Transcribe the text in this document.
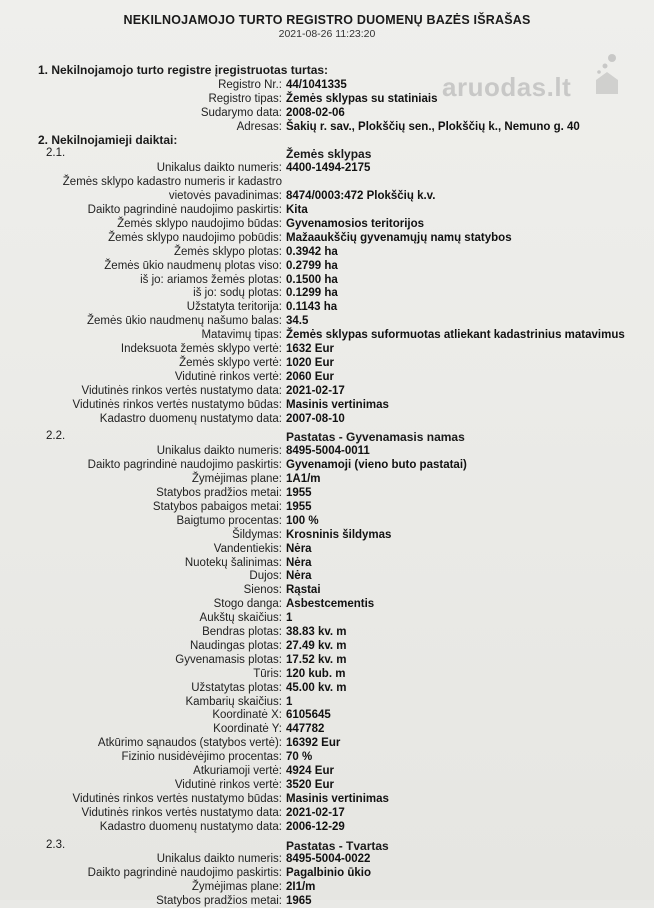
NEKILNOJAMOJO TURTO REGISTRO DUOMENŲ BAZĖS IŠRAŠAS
2021-08-26 11:23:20
aruodas.lt
1. Nekilnojamojo turto registre įregistruotas turtas:
Registro Nr.: 44/1041335
Registro tipas: Žemės sklypas su statiniais
Sudarymo data: 2008-02-06
Adresas: Šakių r. sav., Plokščių sen., Plokščių k., Nemuno g. 40
2. Nekilnojamieji daiktai:
2.1.	Žemės sklypas
Unikalus daikto numeris: 4400-1494-2175
Žemės sklypo kadastro numeris ir kadastro
vietovės pavadinimas: 8474/0003:472 Plokščių k.v.
Daikto pagrindinė naudojimo paskirtis: Kita
Žemės sklypo naudojimo būdas: Gyvenamosios teritorijos
Žemės sklypo naudojimo pobūdis: Mažaaukščių gyvenamųjų namų statybos
Žemės sklypo plotas: 0.3942 ha
Žemės ūkio naudmenų plotas viso: 0.2799 ha
iš jo: ariamos žemės plotas: 0.1500 ha
iš jo: sodų plotas: 0.1299 ha
Užstatyta teritorija: 0.1143 ha
Žemės ūkio naudmenų našumo balas: 34.5
Matavimų tipas: Žemės sklypas suformuotas atliekant kadastrinius matavimus
Indeksuota žemės sklypo vertė: 1632 Eur
Žemės sklypo vertė: 1020 Eur
Vidutinė rinkos vertė: 2060 Eur
Vidutinės rinkos vertės nustatymo data: 2021-02-17
Vidutinės rinkos vertės nustatymo būdas: Masinis vertinimas
Kadastro duomenų nustatymo data: 2007-08-10
2.2.	Pastatas - Gyvenamasis namas
Unikalus daikto numeris: 8495-5004-0011
Daikto pagrindinė naudojimo paskirtis: Gyvenamoji (vieno buto pastatai)
Žymėjimas plane: 1A1/m
Statybos pradžios metai: 1955
Statybos pabaigos metai: 1955
Baigtumo procentas: 100 %
Šildymas: Krosninis šildymas
Vandentiekis: Nėra
Nuotekų šalinimas: Nėra
Dujos: Nėra
Sienos: Rąstai
Stogo danga: Asbestcementis
Aukštų skaičius: 1
Bendras plotas: 38.83 kv. m
Naudingas plotas: 27.49 kv. m
Gyvenamasis plotas: 17.52 kv. m
Tūris: 120 kub. m
Užstatytas plotas: 45.00 kv. m
Kambarių skaičius: 1
Koordinatė X: 6105645
Koordinatė Y: 447782
Atkūrimo sąnaudos (statybos vertė): 16392 Eur
Fizinio nusidėvėjimo procentas: 70 %
Atkuriamoji vertė: 4924 Eur
Vidutinė rinkos vertė: 3520 Eur
Vidutinės rinkos vertės nustatymo būdas: Masinis vertinimas
Vidutinės rinkos vertės nustatymo data: 2021-02-17
Kadastro duomenų nustatymo data: 2006-12-29
2.3.	Pastatas - Tvartas
Unikalus daikto numeris: 8495-5004-0022
Daikto pagrindinė naudojimo paskirtis: Pagalbinio ūkio
Žymėjimas plane: 2I1/m
Statybos pradžios metai: 1965
